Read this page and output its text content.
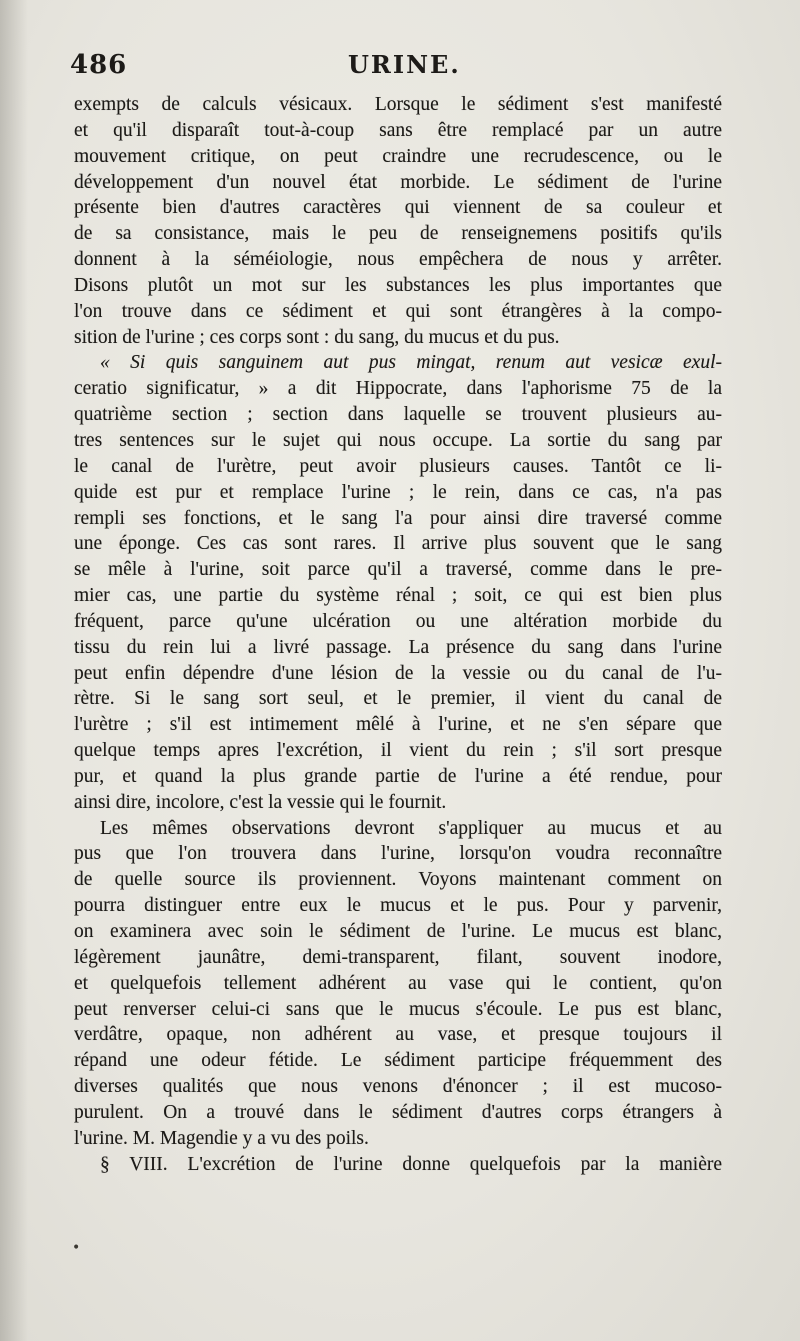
486	URINE.
exempts de calculs vésicaux. Lorsque le sédiment s'est manifesté
et qu'il disparaît tout-à-coup sans être remplacé par un autre
mouvement critique, on peut craindre une recrudescence, ou le
développement d'un nouvel état morbide. Le sédiment de l'urine
présente bien d'autres caractères qui viennent de sa couleur et
de sa consistance, mais le peu de renseignemens positifs qu'ils
donnent à la séméiologie, nous empêchera de nous y arrêter.
Disons plutôt un mot sur les substances les plus importantes que
l'on trouve dans ce sédiment et qui sont étrangères à la compo-
sition de l'urine ; ces corps sont : du sang, du mucus et du pus.
« Si quis sanguinem aut pus mingat, renum aut vesicæ exul-
ceratio significatur, » a dit Hippocrate, dans l'aphorisme 75 de la
quatrième section ; section dans laquelle se trouvent plusieurs au-
tres sentences sur le sujet qui nous occupe. La sortie du sang par
le canal de l'urètre, peut avoir plusieurs causes. Tantôt ce li-
quide est pur et remplace l'urine ; le rein, dans ce cas, n'a pas
rempli ses fonctions, et le sang l'a pour ainsi dire traversé comme
une éponge. Ces cas sont rares. Il arrive plus souvent que le sang
se mêle à l'urine, soit parce qu'il a traversé, comme dans le pre-
mier cas, une partie du système rénal ; soit, ce qui est bien plus
fréquent, parce qu'une ulcération ou une altération morbide du
tissu du rein lui a livré passage. La présence du sang dans l'urine
peut enfin dépendre d'une lésion de la vessie ou du canal de l'u-
rètre. Si le sang sort seul, et le premier, il vient du canal de
l'urètre ; s'il est intimement mêlé à l'urine, et ne s'en sépare que
quelque temps apres l'excrétion, il vient du rein ; s'il sort presque
pur, et quand la plus grande partie de l'urine a été rendue, pour
ainsi dire, incolore, c'est la vessie qui le fournit.
Les mêmes observations devront s'appliquer au mucus et au
pus que l'on trouvera dans l'urine, lorsqu'on voudra reconnaître
de quelle source ils proviennent. Voyons maintenant comment on
pourra distinguer entre eux le mucus et le pus. Pour y parvenir,
on examinera avec soin le sédiment de l'urine. Le mucus est blanc,
légèrement jaunâtre, demi-transparent, filant, souvent inodore,
et quelquefois tellement adhérent au vase qui le contient, qu'on
peut renverser celui-ci sans que le mucus s'écoule. Le pus est blanc,
verdâtre, opaque, non adhérent au vase, et presque toujours il
répand une odeur fétide. Le sédiment participe fréquemment des
diverses qualités que nous venons d'énoncer ; il est mucoso-
purulent. On a trouvé dans le sédiment d'autres corps étrangers à
l'urine. M. Magendie y a vu des poils.
§ VIII. L'excrétion de l'urine donne quelquefois par la manière
•
